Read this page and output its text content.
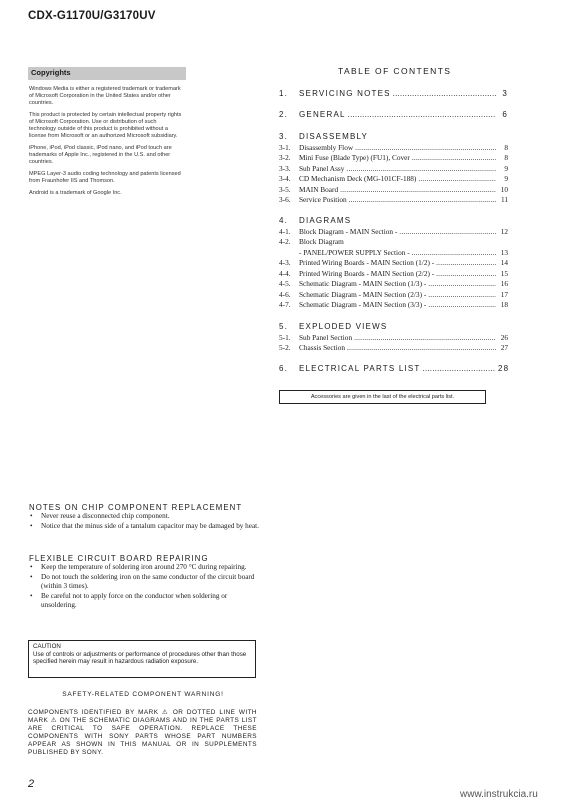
CDX-G1170U/G3170UV
Copyrights

Windows Media is either a registered trademark or trademark of Microsoft Corporation in the United States and/or other countries.

This product is protected by certain intellectual property rights of Microsoft Corporation. Use or distribution of such technology outside of this product is prohibited without a license from Microsoft or an authorized Microsoft subsidiary.

iPhone, iPod, iPod classic, iPod nano, and iPod touch are trademarks of Apple Inc., registered in the U.S. and other countries.

MPEG Layer-3 audio coding technology and patents licensed from Fraunhofer IIS and Thomson.

Android is a trademark of Google Inc.

TABLE OF CONTENTS
1.	SERVICING NOTES .....	3
2.	GENERAL .....	6
3.	DISASSEMBLY
3-1.	Disassembly Flow .....	8
3-2.	Mini Fuse (Blade Type) (FU1), Cover .....	8
3-3.	Sub Panel Assy .....	9
3-4.	CD Mechanism Deck (MG-101CF-188) .....	9
3-5.	MAIN Board .....	10
3-6.	Service Position .....	11
4.	DIAGRAMS
4-1.	Block Diagram - MAIN Section - .....	12
4-2.	Block Diagram
- PANEL/POWER SUPPLY Section - .....	13
4-3.	Printed Wiring Boards - MAIN Section (1/2) - .....	14
4-4.	Printed Wiring Boards - MAIN Section (2/2) - .....	15
4-5.	Schematic Diagram - MAIN Section (1/3) - .....	16
4-6.	Schematic Diagram - MAIN Section (2/3) - .....	17
4-7.	Schematic Diagram - MAIN Section (3/3) - .....	18
5.	EXPLODED VIEWS
5-1.	Sub Panel Section .....	26
5-2.	Chassis Section .....	27
6.	ELECTRICAL PARTS LIST .....	28
Accessories are given in the last of the electrical parts list.
NOTES ON CHIP COMPONENT REPLACEMENT
• Never reuse a disconnected chip component.
• Notice that the minus side of a tantalum capacitor may be damaged by heat.
FLEXIBLE CIRCUIT BOARD REPAIRING
• Keep the temperature of soldering iron around 270 °C during repairing.
• Do not touch the soldering iron on the same conductor of the circuit board (within 3 times).
• Be careful not to apply force on the conductor when soldering or unsoldering.
CAUTION
Use of controls or adjustments or performance of procedures other than those specified herein may result in hazardous radiation exposure.
SAFETY-RELATED COMPONENT WARNING!
COMPONENTS IDENTIFIED BY MARK ⚠ OR DOTTED LINE WITH MARK ⚠ ON THE SCHEMATIC DIAGRAMS AND IN THE PARTS LIST ARE CRITICAL TO SAFE OPERATION. REPLACE THESE COMPONENTS WITH SONY PARTS WHOSE PART NUMBERS APPEAR AS SHOWN IN THIS MANUAL OR IN SUPPLEMENTS PUBLISHED BY SONY.
2
www.instrukcia.ru
